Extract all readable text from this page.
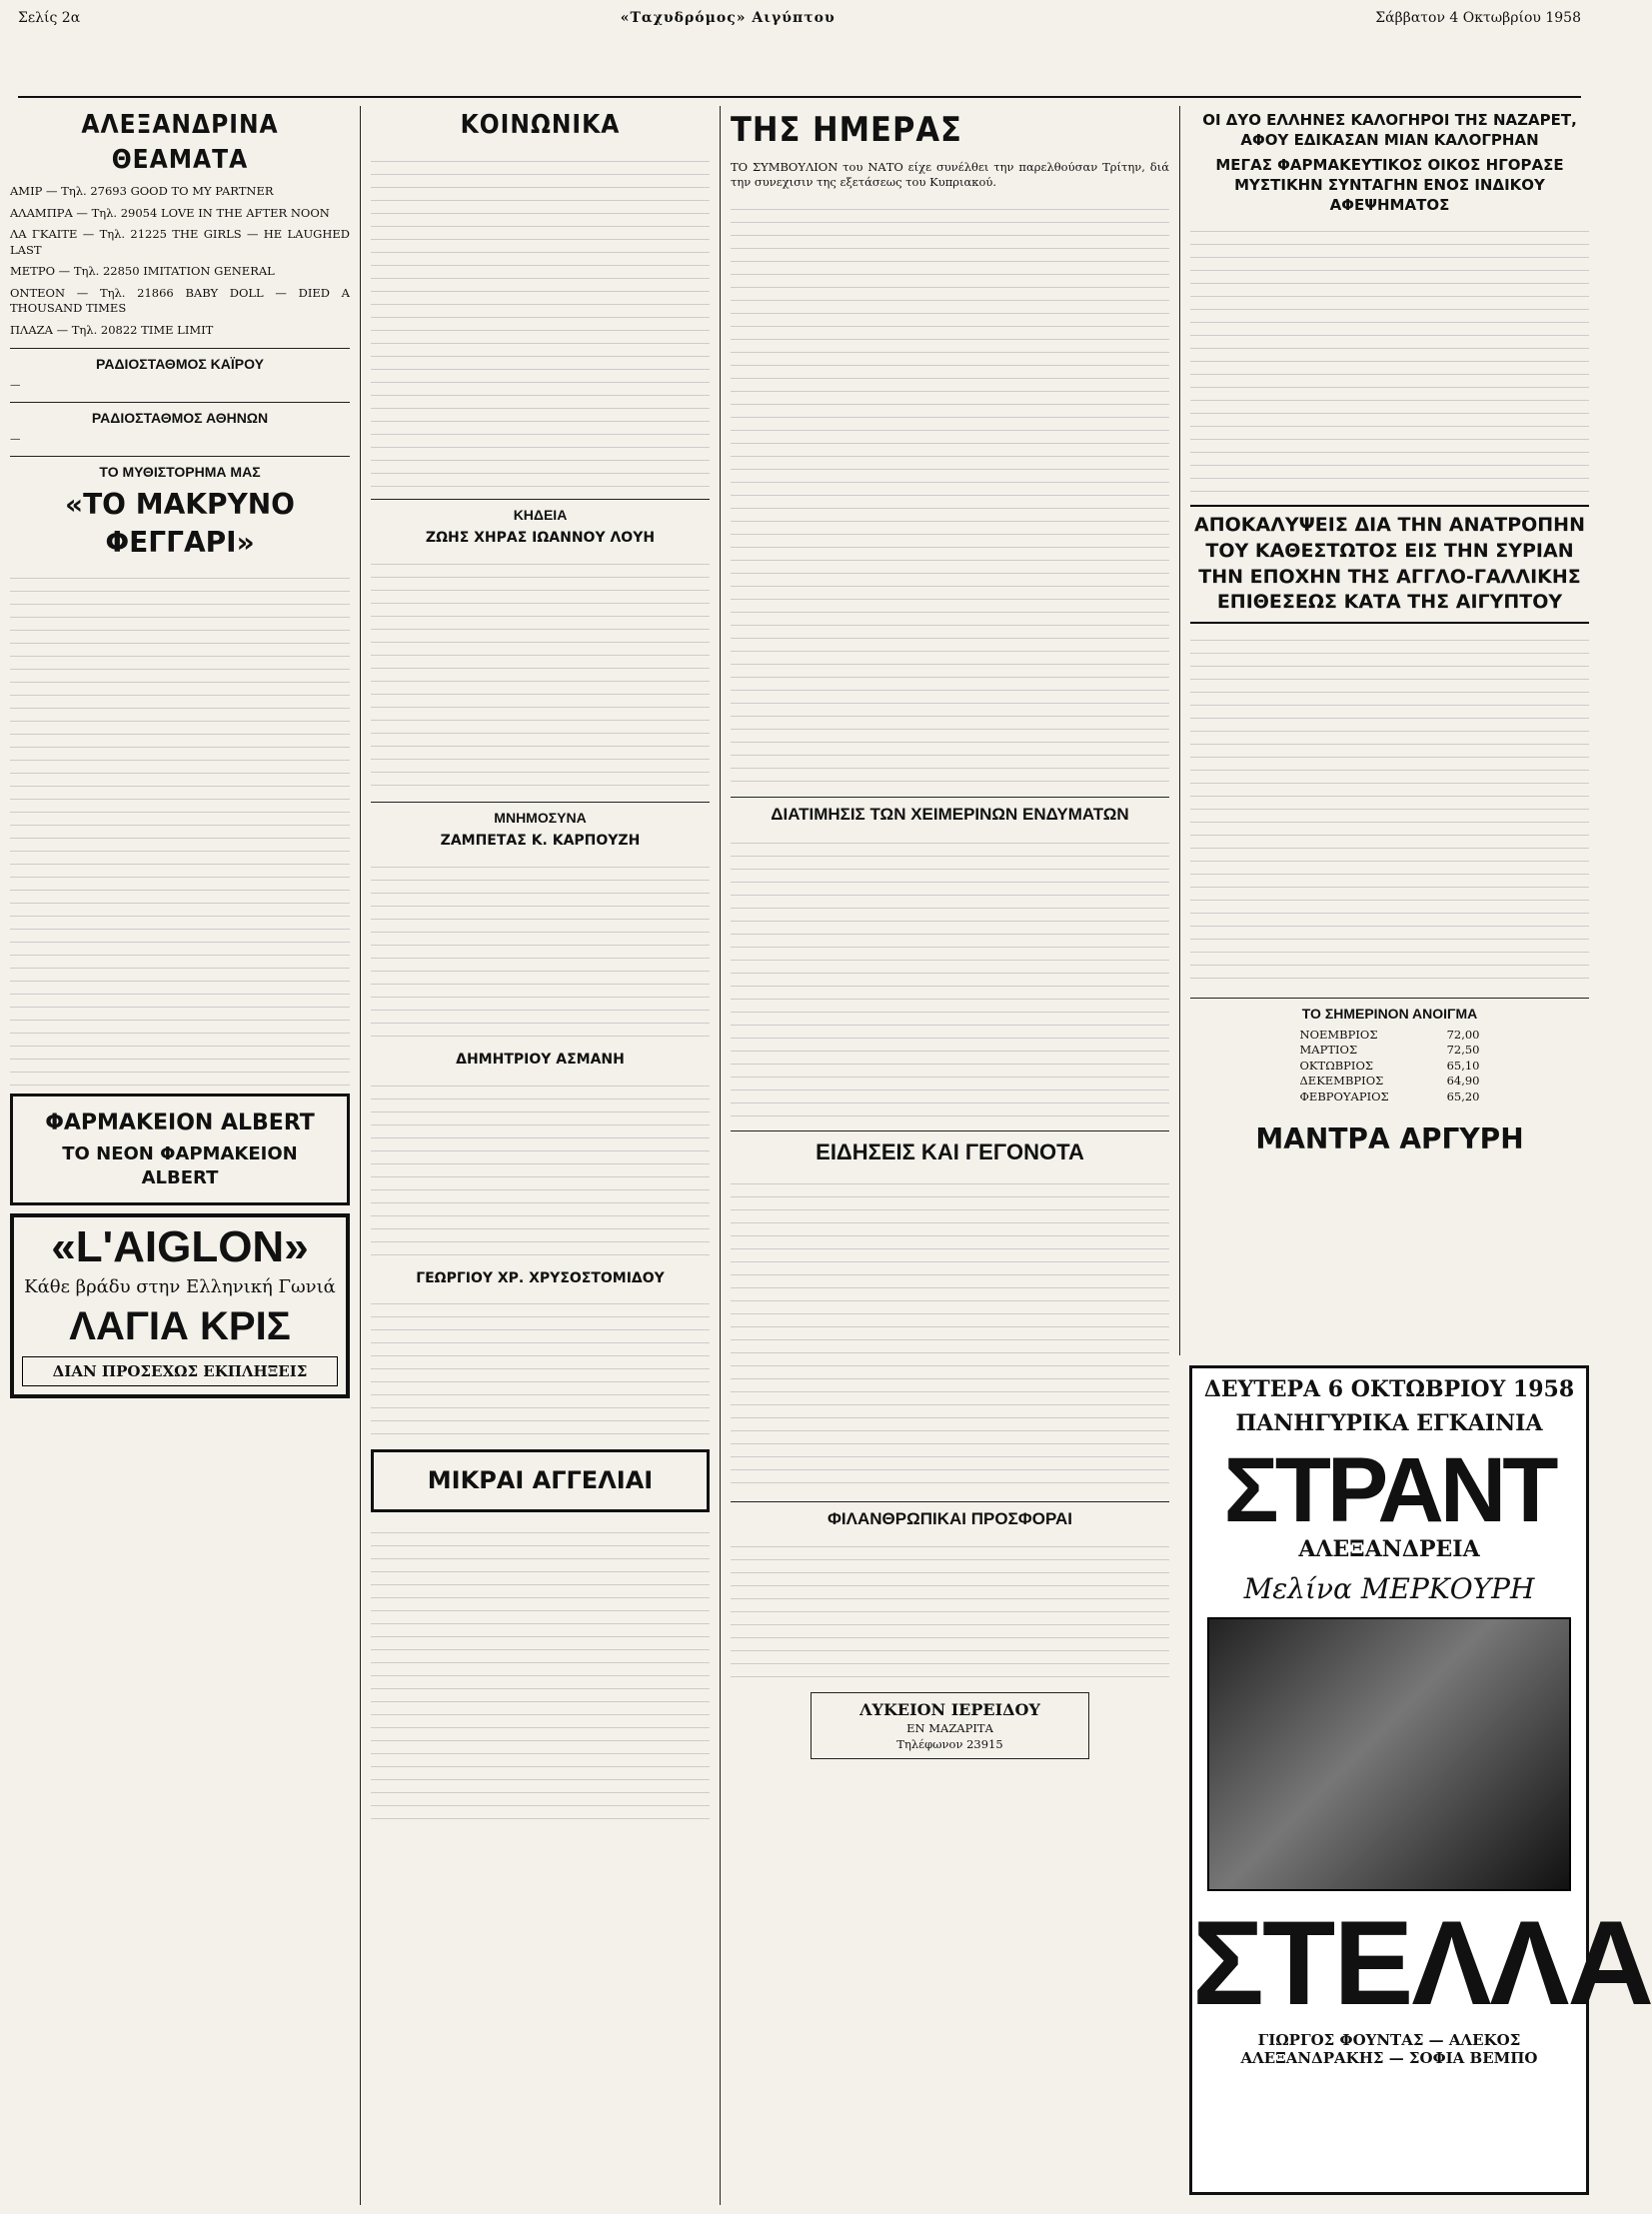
Σελίς 2α	«Ταχυδρόμος» Αιγύπτου	Σάββατον 4 Οκτωβρίου 1958
ΑΛΕΞΑΝΔΡΙΝΑ ΘΕΑΜΑΤΑ

ΑΜΙΡ — Τηλ. 27693 GOOD TO MY PARTNER

ΑΛΑΜΠΡΑ — Τηλ. 29054 LOVE IN THE AFTER NOON

ΛΑ ΓΚΑΙΤΕ — Τηλ. 21225 THE GIRLS — HE LAUGHED LAST

ΜΕΤΡΟ — Τηλ. 22850 IMITATION GENERAL

ΟΝΤΕΟΝ — Τηλ. 21866 BABY DOLL — DIED A THOUSAND TIMES

ΠΛΑΖΑ — Τηλ. 20822 TIME LIMIT

ΡΑΔΙΟΣΤΑΘΜΟΣ ΚΑΪΡΟΥ

—

ΡΑΔΙΟΣΤΑΘΜΟΣ ΑΘΗΝΩΝ

—

ΤΟ ΜΥΘΙΣΤΟΡΗΜΑ ΜΑΣ
«ΤΟ ΜΑΚΡΥΝΟ ΦΕΓΓΑΡΙ»

ΦΑΡΜΑΚΕΙΟΝ ALBERT
ΤΟ ΝΕΟΝ ΦΑΡΜΑΚΕΙΟΝ ALBERT
«L'AIGLON»
Κάθε βράδυ στην Ελληνική Γωνιά
ΛΑΓΙΑ ΚΡΙΣ
ΔΙΑΝ ΠΡΟΣΕΧΩΣ ΕΚΠΛΗΞΕΙΣ
ΚΟΙΝΩΝΙΚΑ

ΚΗΔΕΙΑ
ΖΩΗΣ ΧΗΡΑΣ ΙΩΑΝΝΟΥ ΛΟΥΗ

ΜΝΗΜΟΣΥΝΑ
ΖΑΜΠΕΤΑΣ Κ. ΚΑΡΠΟΥΖΗ

ΔΗΜΗΤΡΙΟΥ ΑΣΜΑΝΗ

ΓΕΩΡΓΙΟΥ ΧΡ. ΧΡΥΣΟΣΤΟΜΙΔΟΥ

ΜΙΚΡΑΙ ΑΓΓΕΛΙΑΙ

ΤΗΣ ΗΜΕΡΑΣ

ΤΟ ΣΥΜΒΟΥΛΙΟΝ του ΝΑΤΟ είχε συνέλθει την παρελθούσαν Τρίτην, διά την συνεχισιν της εξετάσεως του Κυπριακού.

ΔΙΑΤΙΜΗΣΙΣ ΤΩΝ ΧΕΙΜΕΡΙΝΩΝ ΕΝΔΥΜΑΤΩΝ

ΕΙΔΗΣΕΙΣ ΚΑΙ ΓΕΓΟΝΟΤΑ

ΦΙΛΑΝΘΡΩΠΙΚΑΙ ΠΡΟΣΦΟΡΑΙ

ΛΥΚΕΙΟΝ ΙΕΡΕΙΔΟΥ
ΕΝ ΜΑΖΑΡΙΤΑ
Τηλέφωνον 23915
ΟΙ ΔΥΟ ΕΛΛΗΝΕΣ ΚΑΛΟΓΗΡΟΙ ΤΗΣ ΝΑΖΑΡΕΤ, ΑΦΟΥ ΕΔΙΚΑΣΑΝ ΜΙΑΝ ΚΑΛΟΓΡΗΑΝ
ΜΕΓΑΣ ΦΑΡΜΑΚΕΥΤΙΚΟΣ ΟΙΚΟΣ ΗΓΟΡΑΣΕ ΜΥΣΤΙΚΗΝ ΣΥΝΤΑΓΗΝ ΕΝΟΣ ΙΝΔΙΚΟΥ ΑΦΕΨΗΜΑΤΟΣ

ΑΠΟΚΑΛΥΨΕΙΣ ΔΙΑ ΤΗΝ ΑΝΑΤΡΟΠΗΝ ΤΟΥ ΚΑΘΕΣΤΩΤΟΣ ΕΙΣ ΤΗΝ ΣΥΡΙΑΝ ΤΗΝ ΕΠΟΧΗΝ ΤΗΣ ΑΓΓΛΟ-ΓΑΛΛΙΚΗΣ ΕΠΙΘΕΣΕΩΣ ΚΑΤΑ ΤΗΣ ΑΙΓΥΠΤΟΥ

ΤΟ ΣΗΜΕΡΙΝΟΝ ΑΝΟΙΓΜΑ
ΝΟΕΜΒΡΙΟΣ	72,00
ΜΑΡΤΙΟΣ	72,50
ΟΚΤΩΒΡΙΟΣ	65,10
ΔΕΚΕΜΒΡΙΟΣ	64,90
ΦΕΒΡΟΥΑΡΙΟΣ	65,20
ΜΑΝΤΡΑ ΑΡΓΥΡΗ
ΔΕΥΤΕΡΑ 6 ΟΚΤΩΒΡΙΟΥ 1958
ΠΑΝΗΓΥΡΙΚΑ ΕΓΚΑΙΝΙΑ
ΣΤΡΑΝΤ
ΑΛΕΞΑΝΔΡΕΙΑ
Μελίνα ΜΕΡΚΟΥΡΗ
ΣΤΕΛΛΑ
ΓΙΩΡΓΟΣ ΦΟΥΝΤΑΣ — ΑΛΕΚΟΣ ΑΛΕΞΑΝΔΡΑΚΗΣ — ΣΟΦΙΑ ΒΕΜΠΟ
